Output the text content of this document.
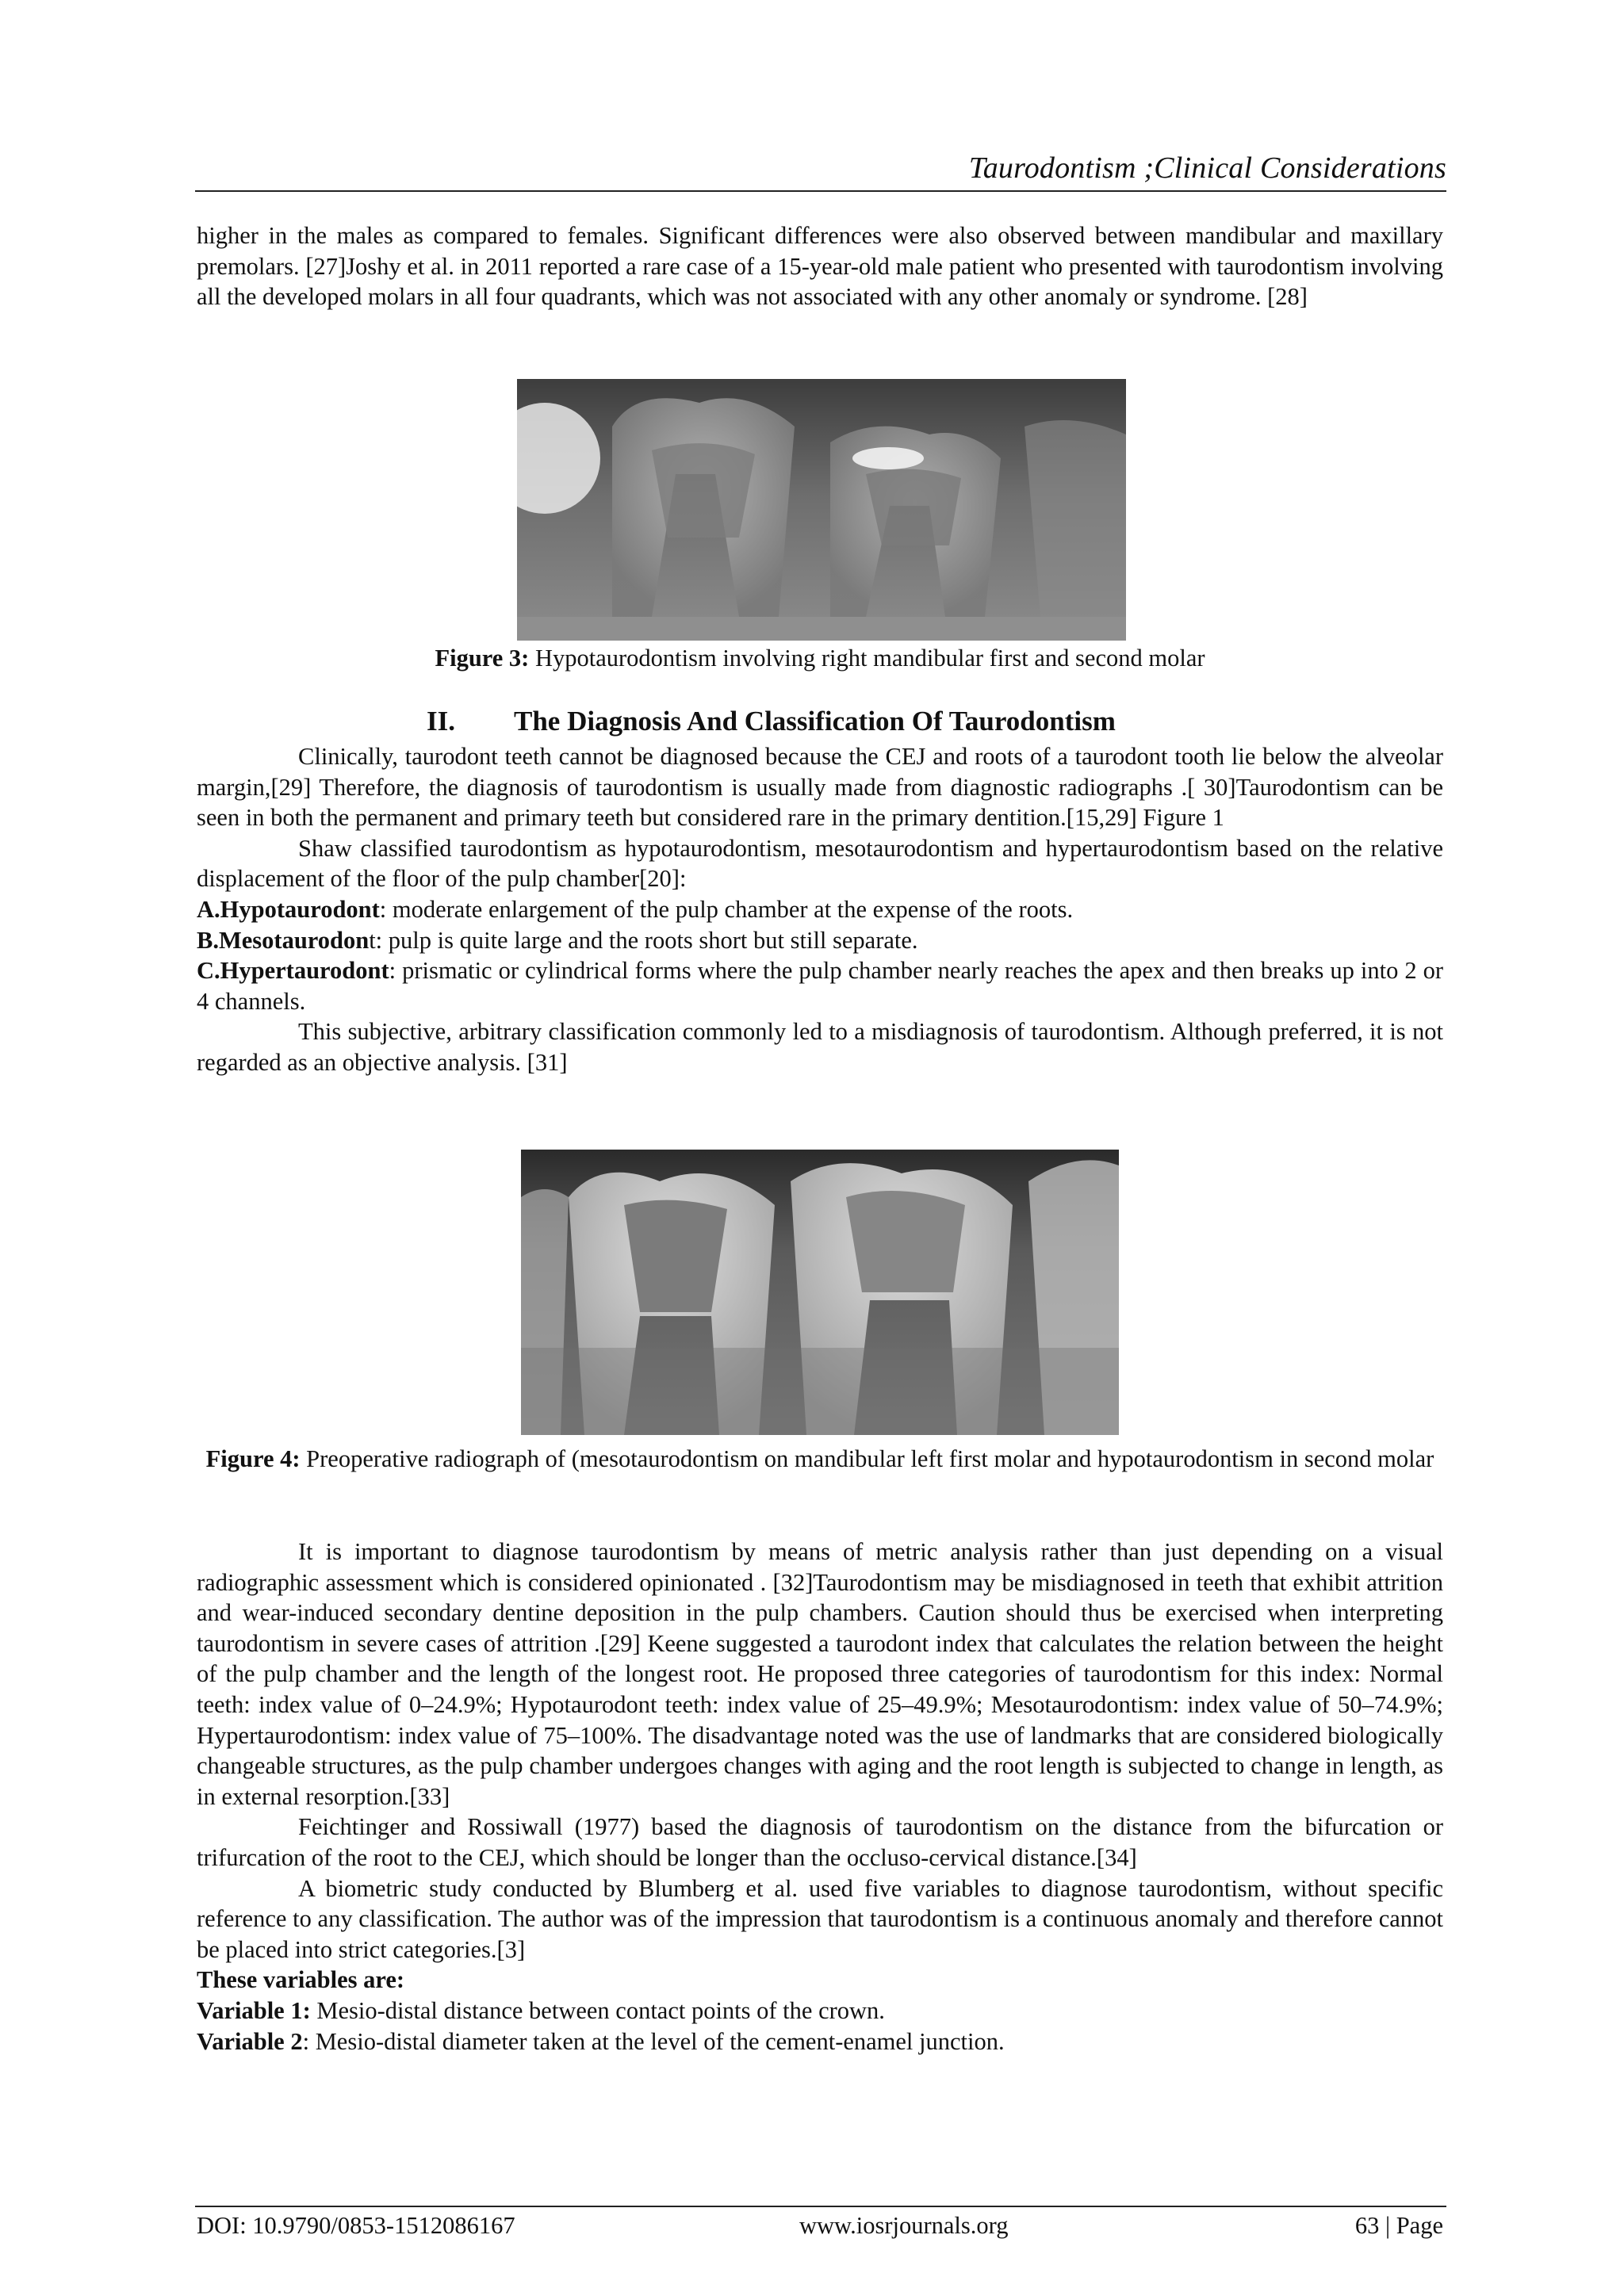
Taurodontism ;Clinical Considerations

higher in the males as compared to females. Significant differences were also observed between mandibular and maxillary premolars. [27]Joshy et al. in 2011 reported a rare case of a 15-year-old male patient who presented with taurodontism involving all the developed molars in all four quadrants, which was not associated with any other anomaly or syndrome. [28]

Figure 3: Hypotaurodontism involving right mandibular first and second molar
II. The Diagnosis And Classification Of Taurodontism

Clinically, taurodont teeth cannot be diagnosed because the CEJ and roots of a taurodont tooth lie below the alveolar margin,[29] Therefore, the diagnosis of taurodontism is usually made from diagnostic radiographs .[ 30]Taurodontism can be seen in both the permanent and primary teeth but considered rare in the primary dentition.[15,29] Figure 1

Shaw classified taurodontism as hypotaurodontism, mesotaurodontism and hypertaurodontism based on the relative displacement of the floor of the pulp chamber[20]:

A.Hypotaurodont: moderate enlargement of the pulp chamber at the expense of the roots.

B.Mesotaurodont: pulp is quite large and the roots short but still separate.

C.Hypertaurodont: prismatic or cylindrical forms where the pulp chamber nearly reaches the apex and then breaks up into 2 or 4 channels.

This subjective, arbitrary classification commonly led to a misdiagnosis of taurodontism. Although preferred, it is not regarded as an objective analysis. [31]

Figure 4: Preoperative radiograph of (mesotaurodontism on mandibular left first molar and hypotaurodontism in second molar

It is important to diagnose taurodontism by means of metric analysis rather than just depending on a visual radiographic assessment which is considered opinionated . [32]Taurodontism may be misdiagnosed in teeth that exhibit attrition and wear-induced secondary dentine deposition in the pulp chambers. Caution should thus be exercised when interpreting taurodontism in severe cases of attrition .[29] Keene suggested a taurodont index that calculates the relation between the height of the pulp chamber and the length of the longest root. He proposed three categories of taurodontism for this index: Normal teeth: index value of 0–24.9%; Hypotaurodont teeth: index value of 25–49.9%; Mesotaurodontism: index value of 50–74.9%; Hypertaurodontism: index value of 75–100%. The disadvantage noted was the use of landmarks that are considered biologically changeable structures, as the pulp chamber undergoes changes with aging and the root length is subjected to change in length, as in external resorption.[33]

Feichtinger and Rossiwall (1977) based the diagnosis of taurodontism on the distance from the bifurcation or trifurcation of the root to the CEJ, which should be longer than the occluso-cervical distance.[34]

A biometric study conducted by Blumberg et al. used five variables to diagnose taurodontism, without specific reference to any classification. The author was of the impression that taurodontism is a continuous anomaly and therefore cannot be placed into strict categories.[3]

These variables are:

Variable 1: Mesio-distal distance between contact points of the crown.

Variable 2: Mesio-distal diameter taken at the level of the cement-enamel junction.

DOI: 10.9790/0853-1512086167	www.iosrjournals.org	63 | Page
